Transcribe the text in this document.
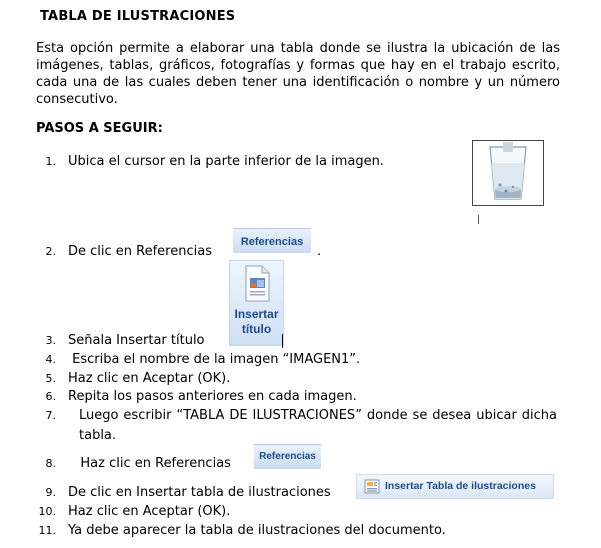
TABLA DE ILUSTRACIONES
Esta opción permite a elaborar una tabla donde se ilustra la ubicación de las imágenes, tablas, gráficos, fotografías y formas que hay en el trabajo escrito, cada una de las cuales deben tener una identificación o nombre y un número consecutivo.
PASOS A SEGUIR:
1. Ubica el cursor en la parte inferior de la imagen.
2. De clic en Referencias
Referencias
.
Insertar
título
3. Señala Insertar título
4. Escriba el nombre de la imagen “IMAGEN1”.
5. Haz clic en Aceptar (OK).
6. Repita los pasos anteriores en cada imagen.
7. Luego escribir “TABLA DE ILUSTRACIONES” donde se desea ubicar dicha tabla.
8.   Haz clic en Referencias	Referencias
9. De clic en Insertar tabla de ilustraciones	Insertar Tabla de ilustraciones
10. Haz clic en Aceptar (OK).
11. Ya debe aparecer la tabla de ilustraciones del documento.
